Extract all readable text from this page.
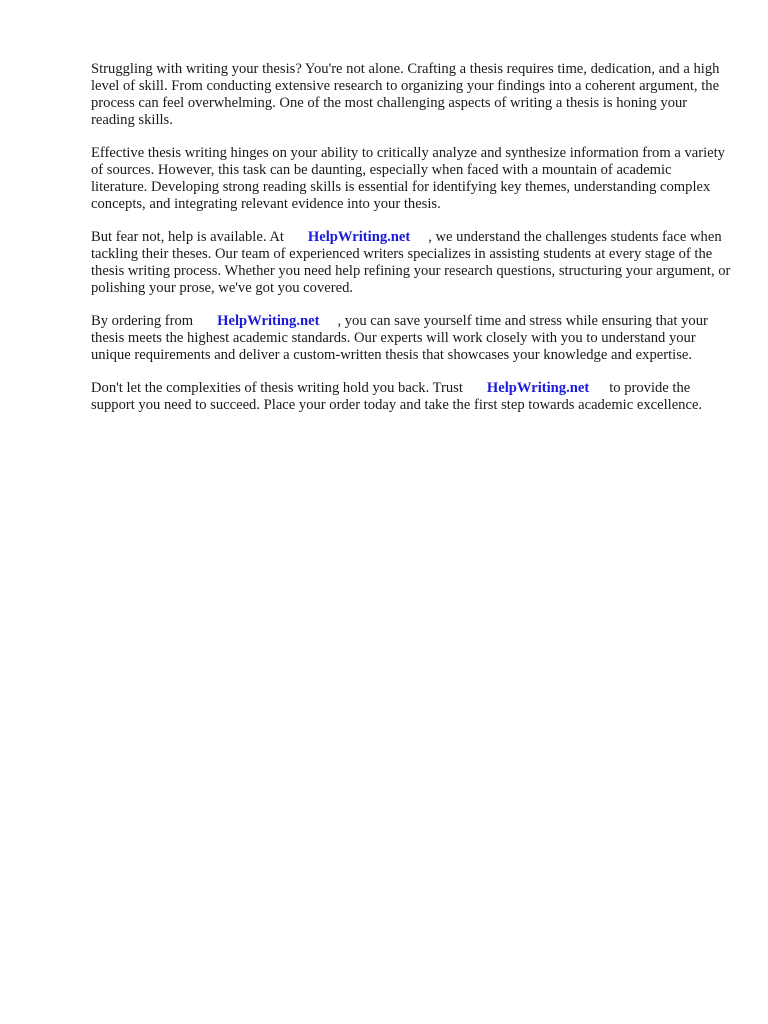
Struggling with writing your thesis? You're not alone. Crafting a thesis requires time, dedication, and a high level of skill. From conducting extensive research to organizing your findings into a coherent argument, the process can feel overwhelming. One of the most challenging aspects of writing a thesis is honing your reading skills.

Effective thesis writing hinges on your ability to critically analyze and synthesize information from a variety of sources. However, this task can be daunting, especially when faced with a mountain of academic literature. Developing strong reading skills is essential for identifying key themes, understanding complex concepts, and integrating relevant evidence into your thesis.

But fear not, help is available. At HelpWriting.net , we understand the challenges students face when tackling their theses. Our team of experienced writers specializes in assisting students at every stage of the thesis writing process. Whether you need help refining your research questions, structuring your argument, or polishing your prose, we've got you covered.

By ordering from HelpWriting.net , you can save yourself time and stress while ensuring that your thesis meets the highest academic standards. Our experts will work closely with you to understand your unique requirements and deliver a custom-written thesis that showcases your knowledge and expertise.

Don't let the complexities of thesis writing hold you back. Trust HelpWriting.net to provide the support you need to succeed. Place your order today and take the first step towards academic excellence.
